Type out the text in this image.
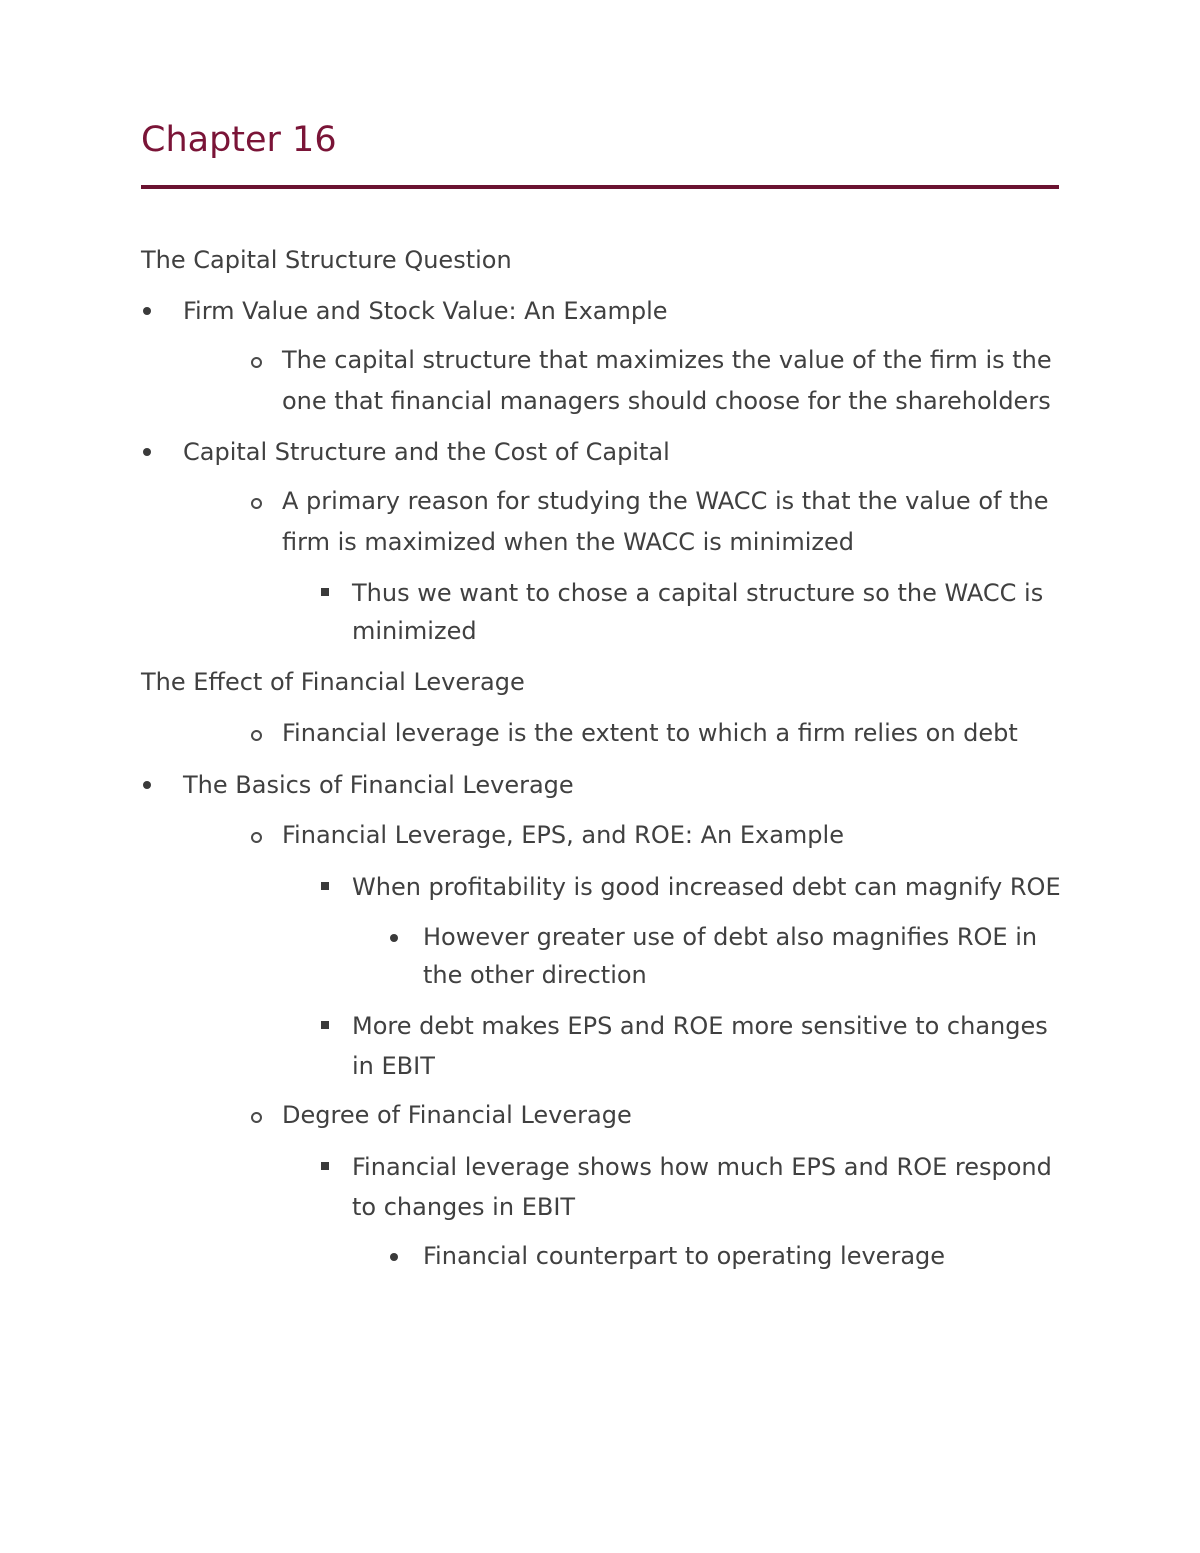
Chapter 16
The Capital Structure Question
Firm Value and Stock Value: An Example
The capital structure that maximizes the value of the firm is the
one that financial managers should choose for the shareholders
Capital Structure and the Cost of Capital
A primary reason for studying the WACC is that the value of the
firm is maximized when the WACC is minimized
Thus we want to chose a capital structure so the WACC is
minimized
The Effect of Financial Leverage
Financial leverage is the extent to which a firm relies on debt
The Basics of Financial Leverage
Financial Leverage, EPS, and ROE: An Example
When profitability is good increased debt can magnify ROE
However greater use of debt also magnifies ROE in
the other direction
More debt makes EPS and ROE more sensitive to changes
in EBIT
Degree of Financial Leverage
Financial leverage shows how much EPS and ROE respond
to changes in EBIT
Financial counterpart to operating leverage
